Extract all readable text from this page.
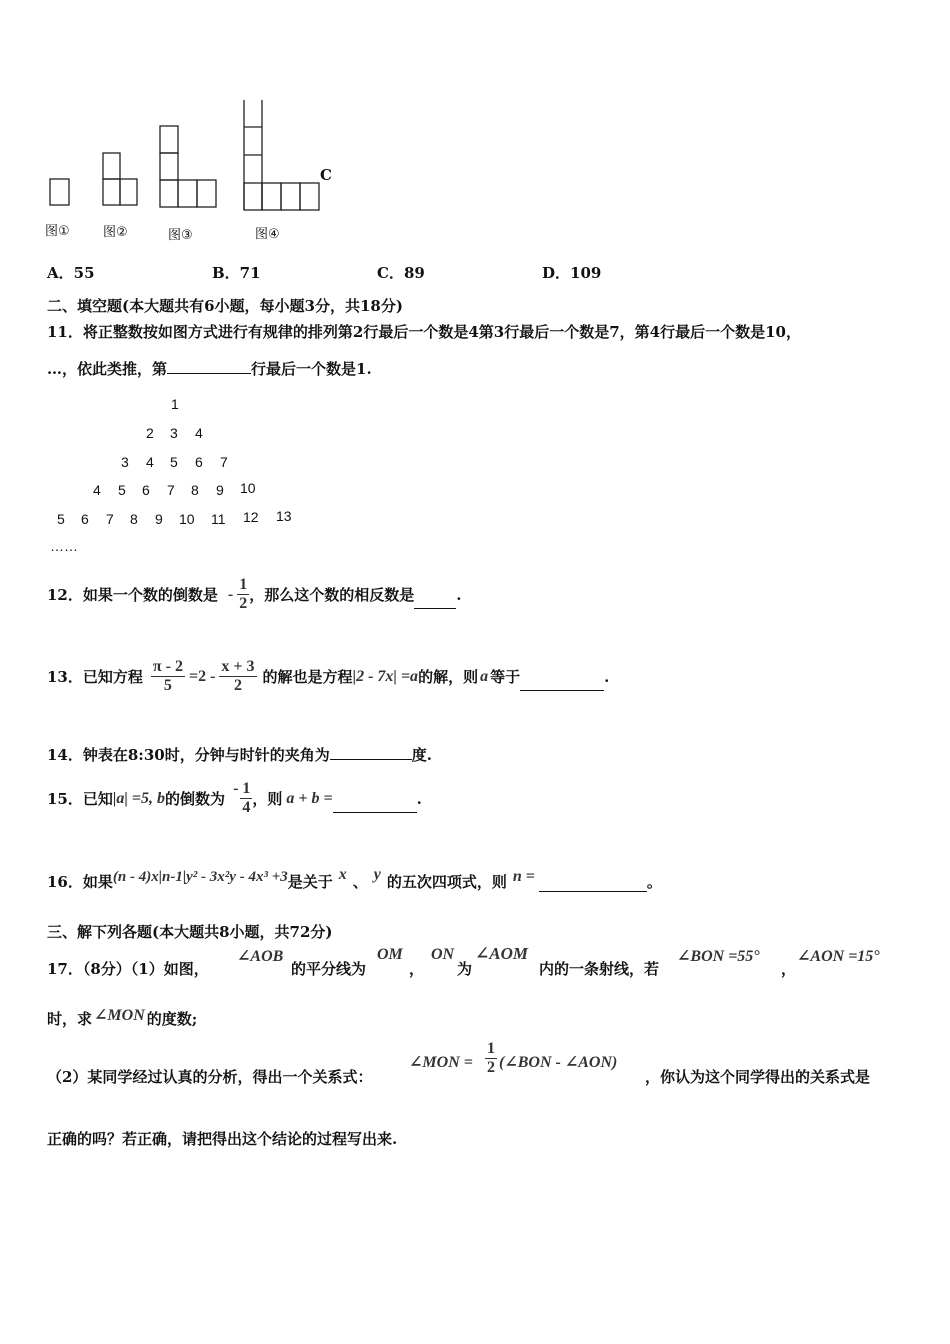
C
图①	图②	图③	图④
A．55	B．71	C．89	D．109
二、填空题(本大题共有6小题，每小题3分，共18分)
11．将正整数按如图方式进行有规律的排列第2行最后一个数是4第3行最后一个数是7，第4行最后一个数是10，
…，依此类推，第	行最后一个数是1.
1
2 3 4
3 4 5 6 7
4 5 6 7 8 9 10
5 6 7 8 9 10 11 12 13
……
12．如果一个数的倒数是 - $\frac{1}{2}$ ，那么这个数的相反数是	.
13．已知方程 $\frac{\pi - 2}{5} =2 - \frac{x + 3}{2}$ 的解也是方程 |2 - 7x| =a 的解，则 a 等于	.
14．钟表在8:30时，分钟与时针的夹角为	度.
15．已知 |a| =5, b 的倒数为
- $\frac{1}{4}$ ，则 a + b =	.
16．如果 (n - 4)x|n-1|y² - 3x²y - 4x³ +3 是关于 x 、 y 的五次四项式，则 n =	。
三、解下列各题(本大题共8小题，共72分)
17．（8分）（1）如图，
∠AOB
的平分线为
OM
，
ON
为
∠AOM
内的一条射线，若
∠BON =55°
，
∠AON =15°
时，求 ∠MON 的度数;
（2）某同学经过认真的分析，得出一个关系式：
∠MON = $\frac{1}{2}$ (∠BON - ∠AON)
，你认为这个同学得出的关系式是
正确的吗？若正确，请把得出这个结论的过程写出来.
